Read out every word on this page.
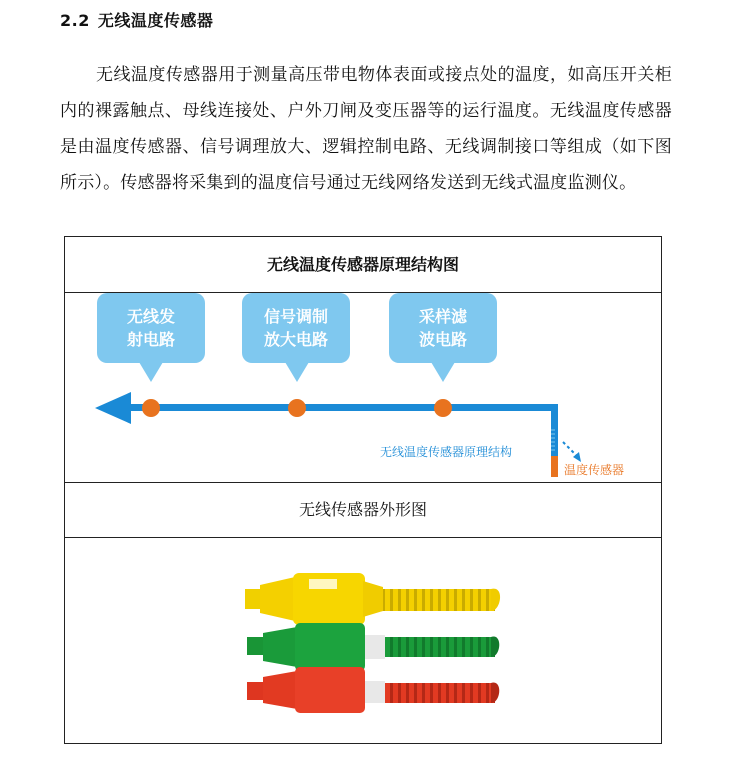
2.2 无线温度传感器
无线温度传感器用于测量高压带电物体表面或接点处的温度，如高压开关柜内的裸露触点、母线连接处、户外刀闸及变压器等的运行温度。无线温度传感器是由温度传感器、信号调理放大、逻辑控制电路、无线调制接口等组成（如下图所示）。传感器将采集到的温度信号通过无线网络发送到无线式温度监测仪。
无线温度传感器原理结构图
无线发
射电路
信号调制
放大电路
采样滤
波电路
无线温度传感器原理结构
温度传感器
无线传感器外形图
